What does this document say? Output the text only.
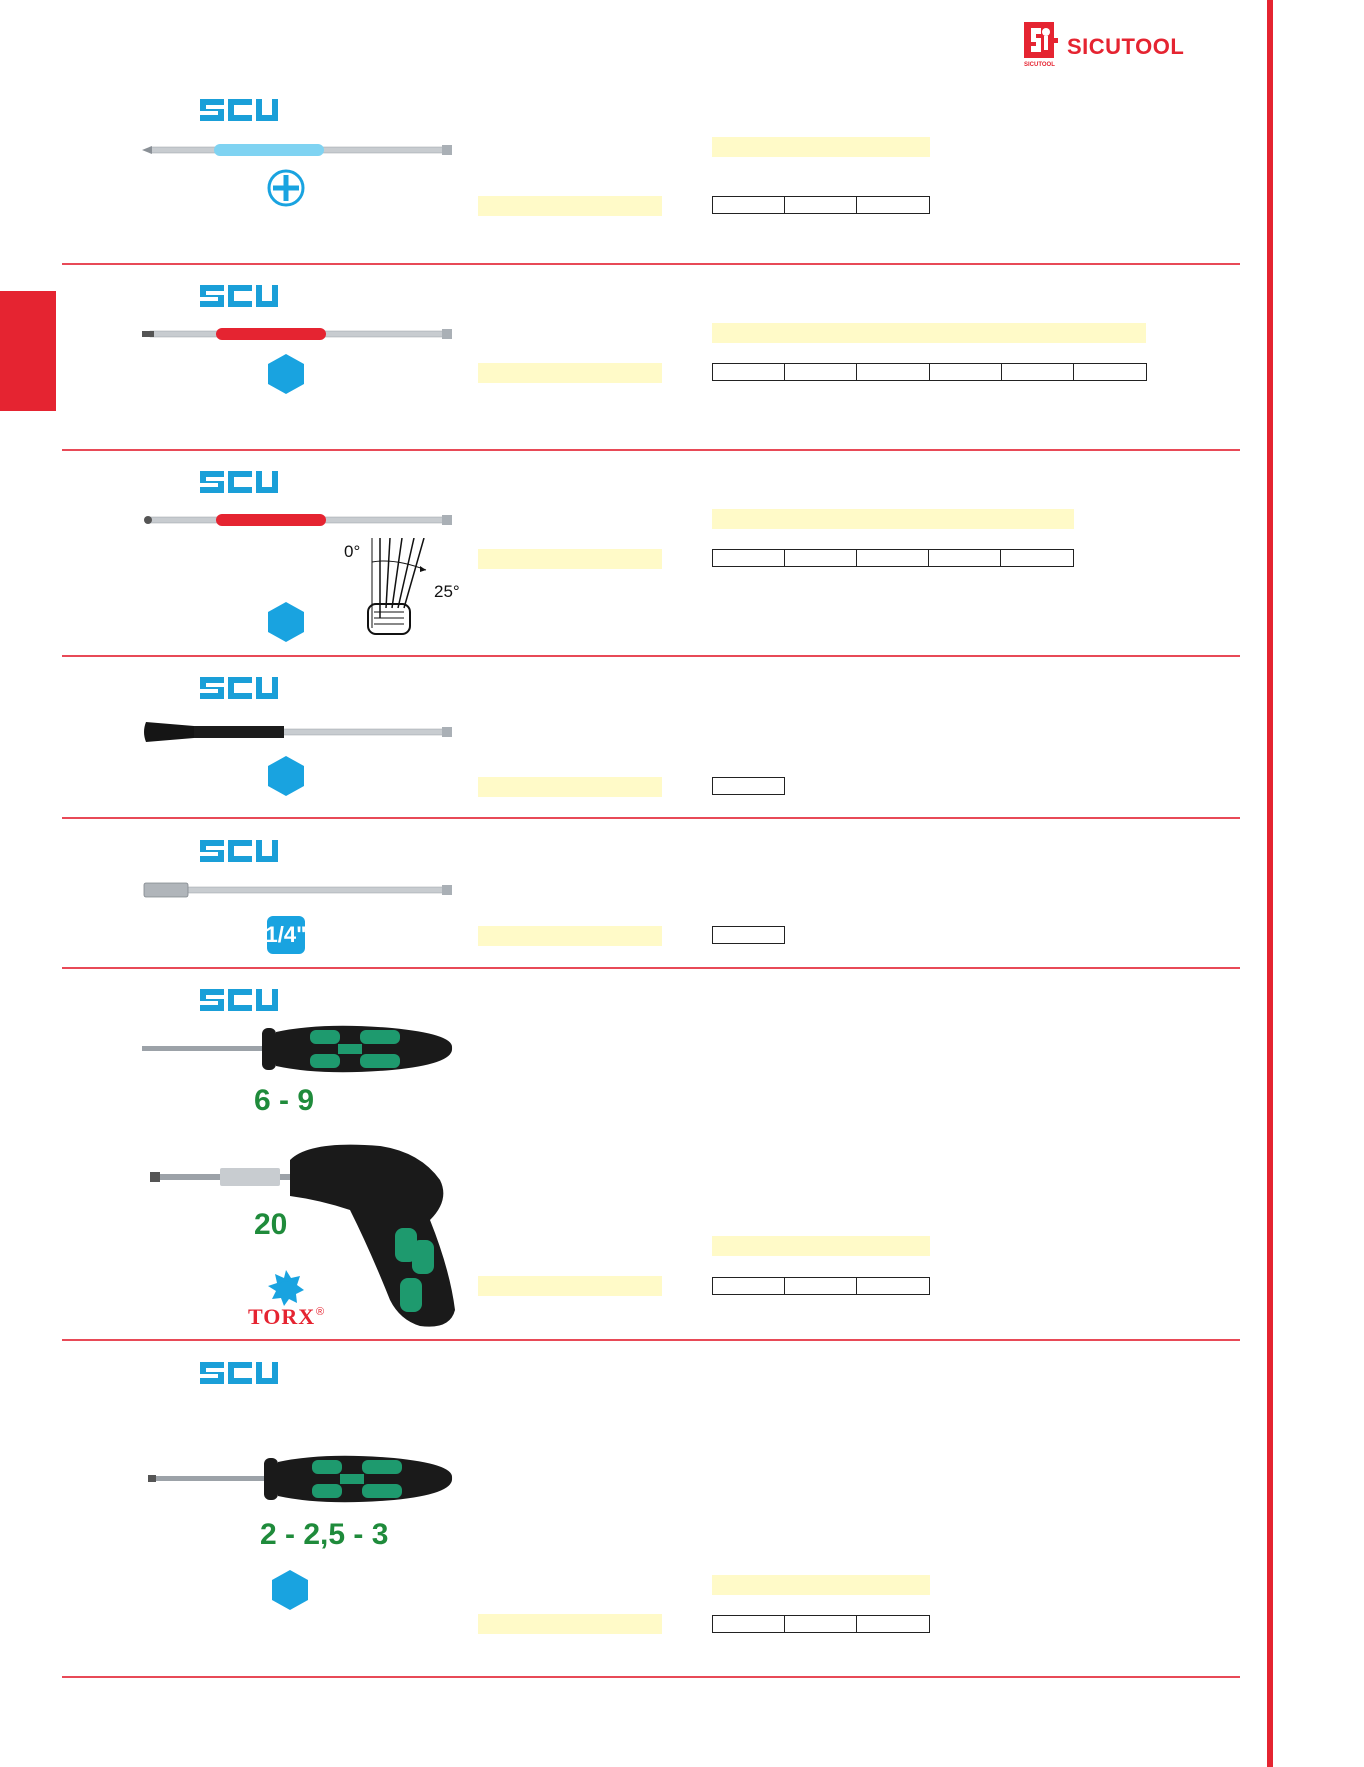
SICUTOOL
SICUTOOL
0°
25°
1/4"
6 - 9
20
TORX ®
2 - 2,5 - 3
